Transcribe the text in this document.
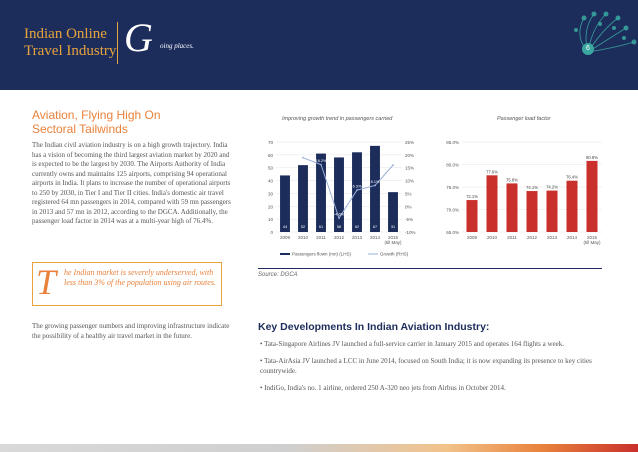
Indian Online
Travel Industry G oing places.	6
Aviation, Flying High On
Sectoral Tailwinds
The Indian civil aviation industry is on a high growth trajectory. India has a vision of becoming the third largest aviation market by 2020 and is expected to be the largest by 2030. The Airports Authority of India currently owns and maintains 125 airports, comprising 94 operational airports in India. It plans to increase the number of operational airports to 250 by 2030, in Tier I and Tier II cities. India's domestic air travel registered 64 mn passengers in 2014, compared with 59 mn passengers in 2013 and 57 mn in 2012, according to the DGCA. Additionally, the passenger load factor in 2014 was at a multi-year high of 76.4%.
T he Indian market is severely underserved, with less than 3% of the population using air routes.
The growing passenger numbers and improving infrastructure indicate the possibility of a healthy air travel market in the future.
Improving growth trend in passengers carried
0
10
20
30
40
50
60
70
-10%
-5%
0%
5%
10%
15%
20%
25%
44
2009
52
2010
61
2011
58
2012
62
2013
67
2014
31
2015
(till May)
18.9%
16.2%
-4.6%
6.3%
8.1%
16.0%
Passengers flown (mn) (LHS)	Growth (RHS)
Passenger load factor
65.0%
70.0%
75.0%
80.0%
85.0%
72.1%
2009
77.6%
2010
75.8%
2011
74.1%
2012
74.2%
2013
76.4%
2014
80.8%
2015
(till May)
Source: DGCA
Key Developments In Indian Aviation Industry:
• Tata-Singapore Airlines JV launched a full-service carrier in January 2015 and operates 164 flights a week.
• Tata-AirAsia JV launched a LCC in June 2014, focused on South India; it is now expanding its presence to key cities countrywide.
• IndiGo, India's no. 1 airline, ordered 250 A-320 neo jets from Airbus in October 2014.
